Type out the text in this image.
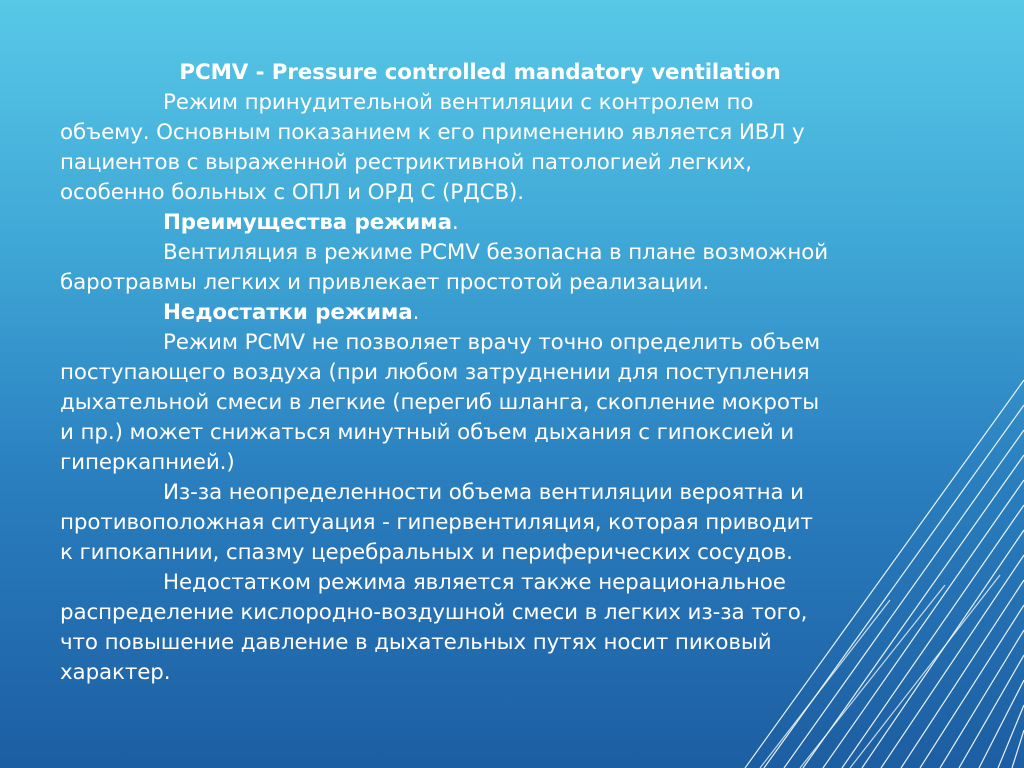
PCMV - Pressure controlled mandatory ventilation

Режим принудительной вентиляции с контролем по
объему. Основным показанием к его применению является ИВЛ у
пациентов с выраженной рестриктивной патологией легких,
особенно больных с ОПЛ и ОРД С (РДСВ).

Преимущества режима.

Вентиляция в режиме PCMV безопасна в плане возможной
баротравмы легких и привлекает простотой реализации.

Недостатки режима.

Режим PCMV не позволяет врачу точно определить объем
поступающего воздуха (при любом затруднении для поступления
дыхательной смеси в легкие (перегиб шланга, скопление мокроты
и пр.) может снижаться минутный объем дыхания с гипоксией и
гиперкапнией.)

Из-за неопределенности объема вентиляции вероятна и
противоположная ситуация - гипервентиляция, которая приводит
к гипокапнии, спазму церебральных и периферических сосудов.

Недостатком режима является также нерациональное
распределение кислородно-воздушной смеси в легких из-за того,
что повышение давление в дыхательных путях носит пиковый
характер.
